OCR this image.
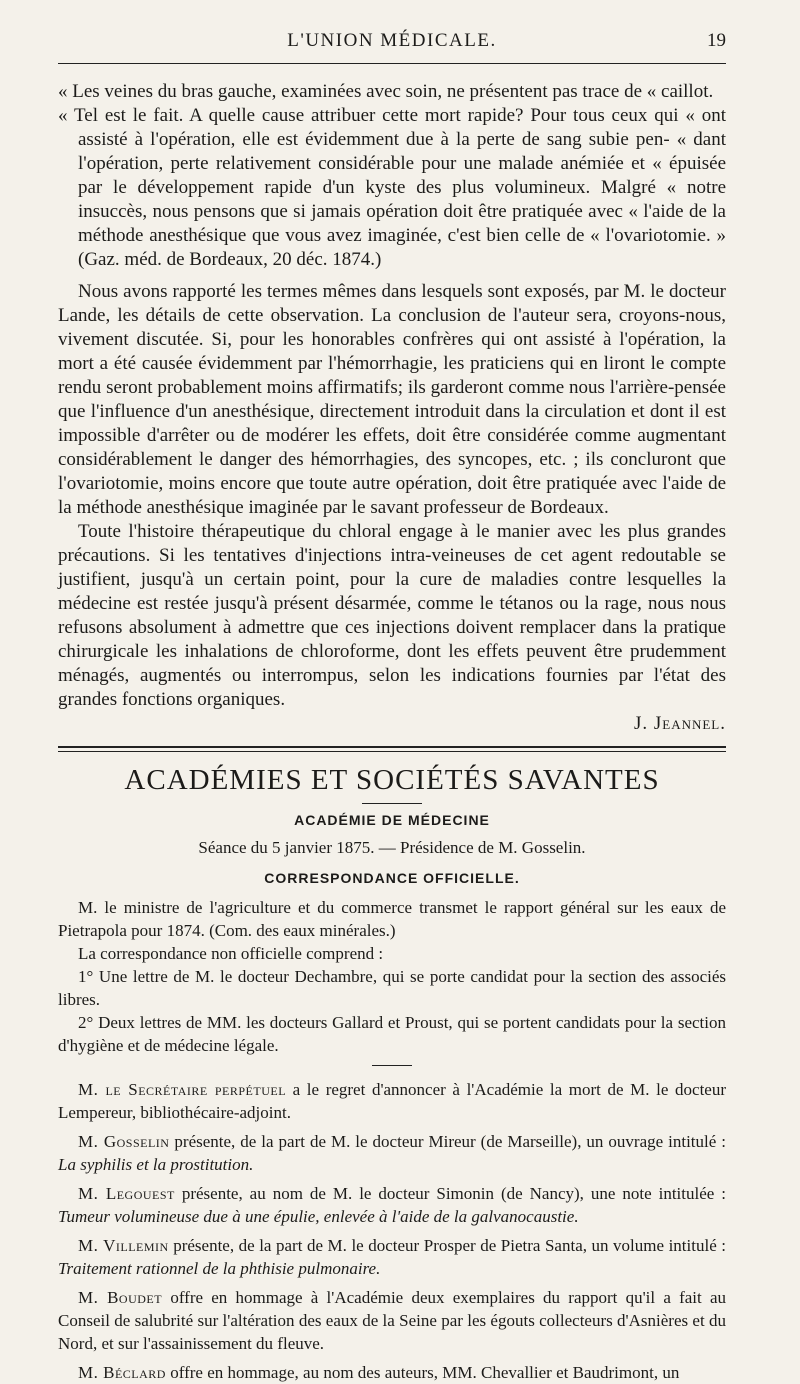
L'UNION MÉDICALE.	19

« Les veines du bras gauche, examinées avec soin, ne présentent pas trace de « caillot.

« Tel est le fait. A quelle cause attribuer cette mort rapide? Pour tous ceux qui « ont assisté à l'opération, elle est évidemment due à la perte de sang subie pen- « dant l'opération, perte relativement considérable pour une malade anémiée et « épuisée par le développement rapide d'un kyste des plus volumineux. Malgré « notre insuccès, nous pensons que si jamais opération doit être pratiquée avec « l'aide de la méthode anesthésique que vous avez imaginée, c'est bien celle de « l'ovariotomie. » (Gaz. méd. de Bordeaux, 20 déc. 1874.)

Nous avons rapporté les termes mêmes dans lesquels sont exposés, par M. le docteur Lande, les détails de cette observation. La conclusion de l'auteur sera, croyons-nous, vivement discutée. Si, pour les honorables confrères qui ont assisté à l'opération, la mort a été causée évidemment par l'hémorrhagie, les praticiens qui en liront le compte rendu seront probablement moins affirmatifs; ils garderont comme nous l'arrière-pensée que l'influence d'un anesthésique, directement introduit dans la circulation et dont il est impossible d'arrêter ou de modérer les effets, doit être considérée comme augmentant considérablement le danger des hémorrhagies, des syncopes, etc. ; ils concluront que l'ovariotomie, moins encore que toute autre opération, doit être pratiquée avec l'aide de la méthode anesthésique imaginée par le savant professeur de Bordeaux.

Toute l'histoire thérapeutique du chloral engage à le manier avec les plus grandes précautions. Si les tentatives d'injections intra-veineuses de cet agent redoutable se justifient, jusqu'à un certain point, pour la cure de maladies contre lesquelles la médecine est restée jusqu'à présent désarmée, comme le tétanos ou la rage, nous nous refusons absolument à admettre que ces injections doivent remplacer dans la pratique chirurgicale les inhalations de chloroforme, dont les effets peuvent être prudemment ménagés, augmentés ou interrompus, selon les indications fournies par l'état des grandes fonctions organiques.

J. Jeannel.
ACADÉMIES ET SOCIÉTÉS SAVANTES
ACADÉMIE DE MÉDECINE
Séance du 5 janvier 1875. — Présidence de M. Gosselin.
CORRESPONDANCE OFFICIELLE.

M. le ministre de l'agriculture et du commerce transmet le rapport général sur les eaux de Pietrapola pour 1874. (Com. des eaux minérales.)

La correspondance non officielle comprend :

1° Une lettre de M. le docteur Dechambre, qui se porte candidat pour la section des associés libres.

2° Deux lettres de MM. les docteurs Gallard et Proust, qui se portent candidats pour la section d'hygiène et de médecine légale.

M. le Secrétaire perpétuel a le regret d'annoncer à l'Académie la mort de M. le docteur Lempereur, bibliothécaire-adjoint.

M. Gosselin présente, de la part de M. le docteur Mireur (de Marseille), un ouvrage intitulé : La syphilis et la prostitution.

M. Legouest présente, au nom de M. le docteur Simonin (de Nancy), une note intitulée : Tumeur volumineuse due à une épulie, enlevée à l'aide de la galvanocaustie.

M. Villemin présente, de la part de M. le docteur Prosper de Pietra Santa, un volume intitulé : Traitement rationnel de la phthisie pulmonaire.

M. Boudet offre en hommage à l'Académie deux exemplaires du rapport qu'il a fait au Conseil de salubrité sur l'altération des eaux de la Seine par les égouts collecteurs d'Asnières et du Nord, et sur l'assainissement du fleuve.

M. Béclard offre en hommage, au nom des auteurs, MM. Chevallier et Baudrimont, un
